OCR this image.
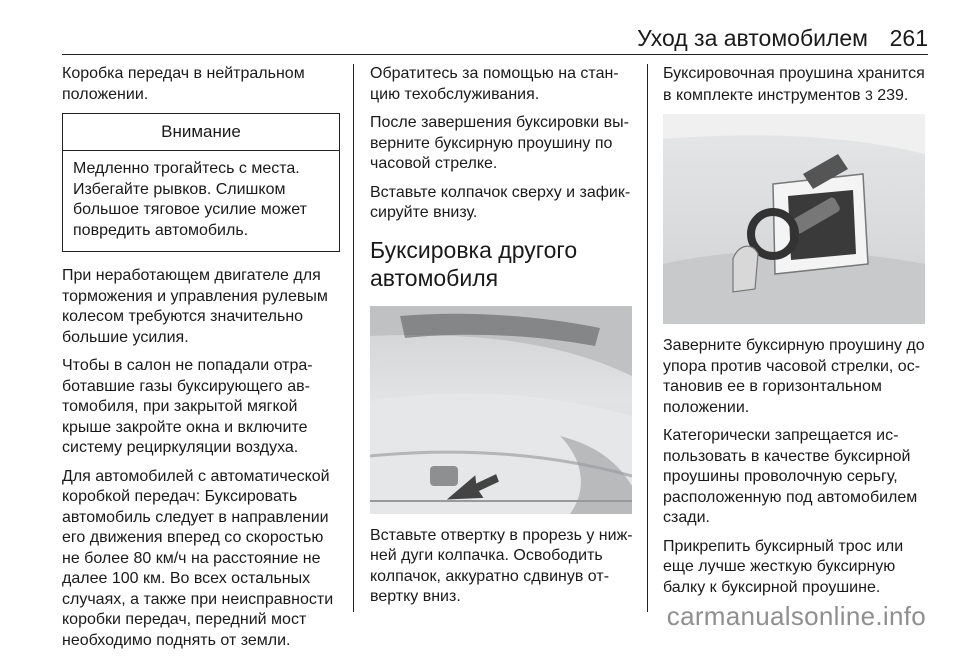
Уход за автомобилем 261

Коробка передач в нейтральном положении.

Внимание
Медленно трогайтесь с места. Избегайте рывков. Слишком большое тяговое усилие может повредить автомобиль.

При неработающем двигателе для торможения и управления рулевым колесом требуются значительно большие усилия.

Чтобы в салон не попадали отработавшие газы буксирующего автомобиля, при закрытой мягкой крыше закройте окна и включите систему рециркуляции воздуха.

Для автомобилей с автоматической коробкой передач: Буксировать автомобиль следует в направлении его движения вперед со скоростью не более 80 км/ч на расстояние не далее 100 км. Во всех остальных случаях, а также при неисправности коробки передач, передний мост необходимо поднять от земли.

Обратитесь за помощью на станцию техобслуживания.

После завершения буксировки выверните буксирную проушину по часовой стрелке.

Вставьте колпачок сверху и зафиксируйте внизу.

Буксировка другого автомобиля

Вставьте отвертку в прорезь у нижней дуги колпачка. Освободить колпачок, аккуратно сдвинув отвертку вниз.

Буксировочная проушина хранится в комплекте инструментов 3 239.

Заверните буксирную проушину до упора против часовой стрелки, остановив ее в горизонтальном положении.

Категорически запрещается использовать в качестве буксирной проушины проволочную серьгу, расположенную под автомобилем сзади.

Прикрепить буксирный трос или еще лучше жесткую буксирную балку к буксирной проушине.

carmanualsonline.info
